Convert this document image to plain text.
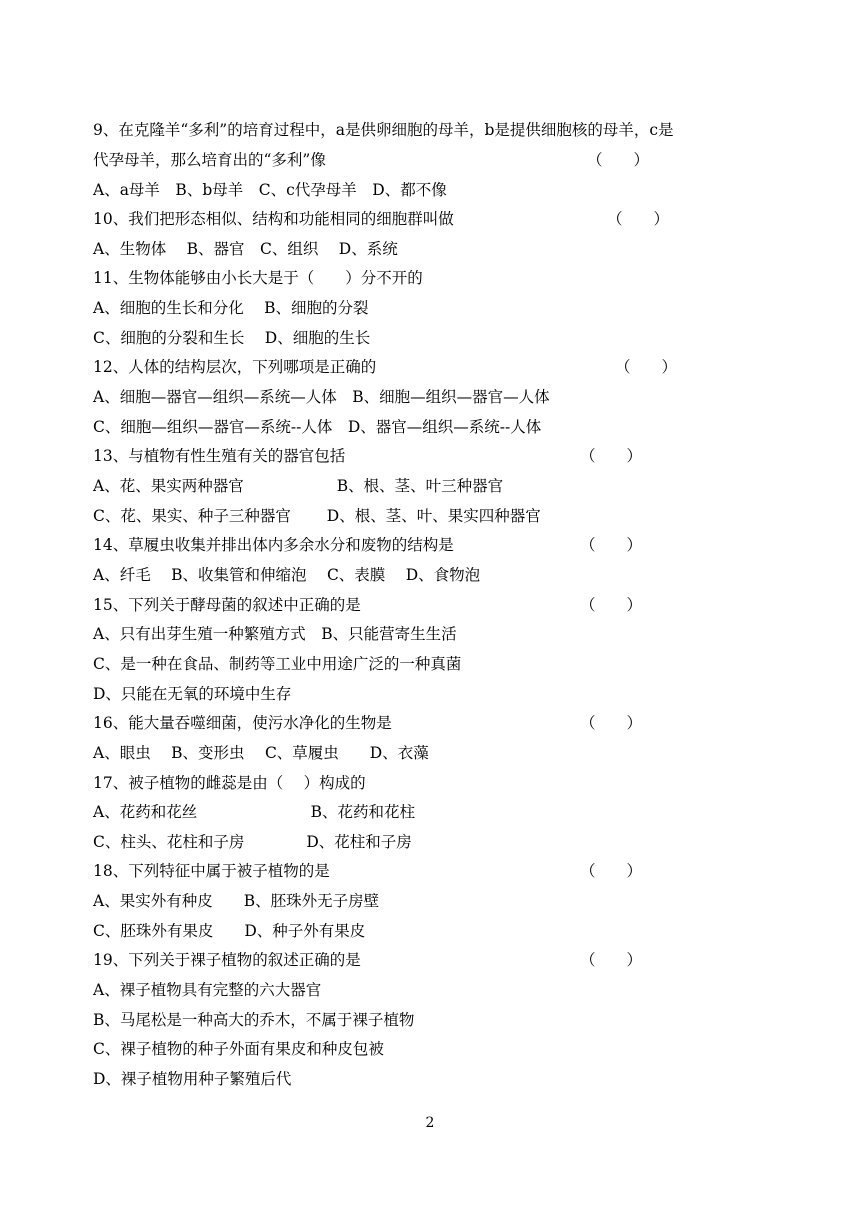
9、在克隆羊“多利”的培育过程中，a是供卵细胞的母羊，b是提供细胞核的母羊，c是
代孕母羊，那么培育出的“多利”像	（　　）
A、a母羊　B、b母羊　C、c代孕母羊　D、都不像
10、我们把形态相似、结构和功能相同的细胞群叫做	（　　）
A、生物体　 B、器官　C、组织　 D、系统
11、生物体能够由小长大是于（　　）分不开的
A、细胞的生长和分化　 B、细胞的分裂
C、细胞的分裂和生长　 D、细胞的生长
12、人体的结构层次，下列哪项是正确的	（　　）
A、细胞—器官—组织—系统—人体　B、细胞—组织—器官—人体
C、细胞—组织—器官—系统--人体　D、器官—组织—系统--人体
13、与植物有性生殖有关的器官包括	（　　）
A、花、果实两种器官　　　　　　B、根、茎、叶三种器官
C、花、果实、种子三种器官　　 D、根、茎、叶、果实四种器官
14、草履虫收集并排出体内多余水分和废物的结构是	（　　）
A、纤毛　 B、收集管和伸缩泡　 C、表膜　 D、食物泡
15、下列关于酵母菌的叙述中正确的是	（　　）
A、只有出芽生殖一种繁殖方式　B、只能营寄生生活
C、是一种在食品、制药等工业中用途广泛的一种真菌
D、只能在无氧的环境中生存
16、能大量吞噬细菌，使污水净化的生物是	（　　）
A、眼虫　 B、变形虫　 C、草履虫　　D、衣藻
17、被子植物的雌蕊是由（　 ）构成的
A、花药和花丝　　　　　　　 B、花药和花柱
C、柱头、花柱和子房　　　　D、花柱和子房
18、下列特征中属于被子植物的是	（　　）
A、果实外有种皮　　B、胚珠外无子房壁
C、胚珠外有果皮　　D、种子外有果皮
19、下列关于裸子植物的叙述正确的是	（　　）
A、裸子植物具有完整的六大器官
B、马尾松是一种高大的乔木，不属于裸子植物
C、裸子植物的种子外面有果皮和种皮包被
D、裸子植物用种子繁殖后代
2
